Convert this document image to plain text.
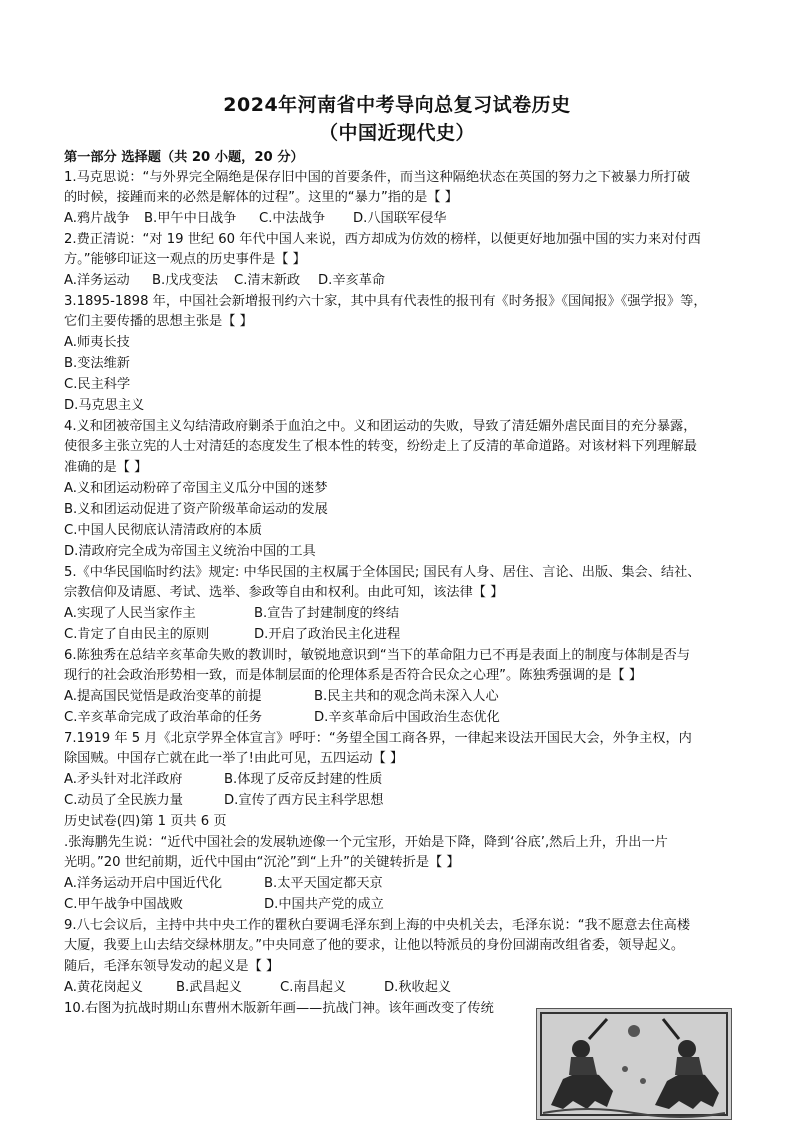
2024年河南省中考导向总复习试卷历史
（中国近现代史）
第一部分 选择题（共 20 小题，20 分）
1.马克思说：“与外界完全隔绝是保存旧中国的首要条件，而当这种隔绝状态在英国的努力之下被暴力所打破
的时候，接踵而来的必然是解体的过程”。这里的“暴力”指的是【 】
A.鸦片战争 B.甲午中日战争 C.中法战争 D.八国联军侵华
2.费正清说：“对 19 世纪 60 年代中国人来说，西方却成为仿效的榜样，以便更好地加强中国的实力来对付西
方。”能够印证这一观点的历史事件是【 】
A.洋务运动 B.戊戌变法 C.清末新政 D.辛亥革命
3.1895-1898 年，中国社会新增报刊约六十家，其中具有代表性的报刊有《时务报》《国闻报》《强学报》等，
它们主要传播的思想主张是【 】
A.师夷长技
B.变法维新
C.民主科学
D.马克思主义
4.义和团被帝国主义勾结清政府剿杀于血泊之中。义和团运动的失败，导致了清廷媚外虐民面目的充分暴露，
使很多主张立宪的人士对清廷的态度发生了根本性的转变，纷纷走上了反清的革命道路。对该材料下列理解最
准确的是【 】
A.义和团运动粉碎了帝国主义瓜分中国的迷梦
B.义和团运动促进了资产阶级革命运动的发展
C.中国人民彻底认清清政府的本质
D.清政府完全成为帝国主义统治中国的工具
5.《中华民国临时约法》规定: 中华民国的主权属于全体国民; 国民有人身、居住、言论、出版、集会、结社、
宗教信仰及请愿、考试、选举、参政等自由和权利。由此可知，该法律【 】
A.实现了人民当家作主	B.宣告了封建制度的终结
C.肯定了自由民主的原则	D.开启了政治民主化进程
6.陈独秀在总结辛亥革命失败的教训时，敏锐地意识到“当下的革命阻力已不再是表面上的制度与体制是否与
现行的社会政治形势相一致，而是体制层面的伦理体系是否符合民众之心理”。陈独秀强调的是【 】
A.提高国民觉悟是政治变革的前提	B.民主共和的观念尚未深入人心
C.辛亥革命完成了政治革命的任务	D.辛亥革命后中国政治生态优化
7.1919 年 5 月《北京学界全体宣言》呼吁：“务望全国工商各界，一律起来设法开国民大会，外争主权，内
除国贼。中国存亡就在此一举了!由此可见，五四运动【 】
A.矛头针对北洋政府	B.体现了反帝反封建的性质
C.动员了全民族力量	D.宣传了西方民主科学思想
历史试卷(四)第 1 页共 6 页
.张海鹏先生说：“近代中国社会的发展轨迹像一个元宝形，开始是下降，降到‘谷底’,然后上升，升出一片
光明。”20 世纪前期，近代中国由“沉沦”到“上升”的关键转折是【 】
A.洋务运动开启中国近代化	B.太平天国定都天京
C.甲午战争中国战败	D.中国共产党的成立
9.八七会议后，主持中共中央工作的瞿秋白要调毛泽东到上海的中央机关去，毛泽东说：“我不愿意去住高楼
大厦，我要上山去结交绿林朋友。”中央同意了他的要求，让他以特派员的身份回湖南改组省委，领导起义。
随后，毛泽东领导发动的起义是【 】
A.黄花岗起义	B.武昌起义	C.南昌起义	D.秋收起义
10.右图为抗战时期山东曹州木版新年画——抗战门神。该年画改变了传统
